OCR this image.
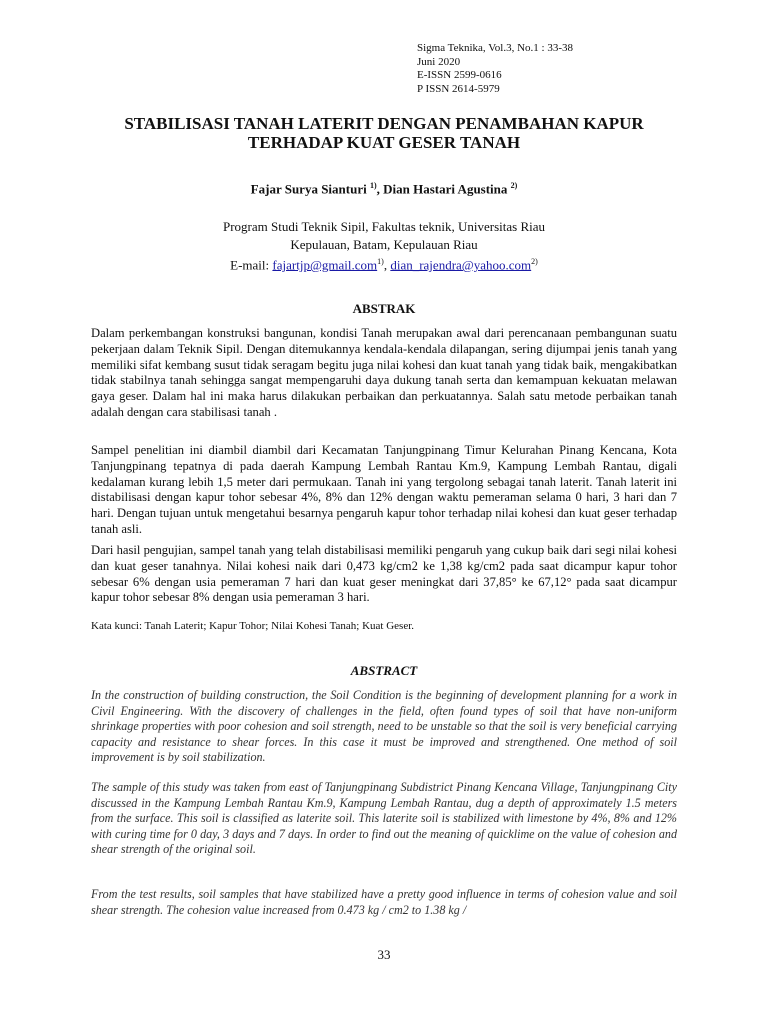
Sigma Teknika, Vol.3, No.1 : 33-38
Juni 2020
E-ISSN 2599-0616
P ISSN 2614-5979
STABILISASI TANAH LATERIT DENGAN PENAMBAHAN KAPUR
TERHADAP KUAT GESER TANAH
Fajar Surya Sianturi $^{1)}$, Dian Hastari Agustina $^{2)}$
Program Studi Teknik Sipil, Fakultas teknik, Universitas Riau
Kepulauan, Batam, Kepulauan Riau
E-mail: fajartjp@gmail.com$^{1)}$, dian_rajendra@yahoo.com$^{2)}$
ABSTRAK

Dalam perkembangan konstruksi bangunan, kondisi Tanah merupakan awal dari perencanaan pembangunan suatu pekerjaan dalam Teknik Sipil. Dengan ditemukannya kendala-kendala dilapangan, sering dijumpai jenis tanah yang memiliki sifat kembang susut tidak seragam begitu juga nilai kohesi dan kuat tanah yang tidak baik, mengakibatkan tidak stabilnya tanah sehingga sangat mempengaruhi daya dukung tanah serta dan kemampuan kekuatan melawan gaya geser. Dalam hal ini maka harus dilakukan perbaikan dan perkuatannya. Salah satu metode perbaikan tanah adalah dengan cara stabilisasi tanah .

Sampel penelitian ini diambil diambil dari Kecamatan Tanjungpinang Timur Kelurahan Pinang Kencana, Kota Tanjungpinang tepatnya di pada daerah Kampung Lembah Rantau Km.9, Kampung Lembah Rantau, digali kedalaman kurang lebih 1,5 meter dari permukaan. Tanah ini yang tergolong sebagai tanah laterit. Tanah laterit ini distabilisasi dengan kapur tohor sebesar 4%, 8% dan 12% dengan waktu pemeraman selama 0 hari, 3 hari dan 7 hari. Dengan tujuan untuk mengetahui besarnya pengaruh kapur tohor terhadap nilai kohesi dan kuat geser terhadap tanah asli.

Dari hasil pengujian, sampel tanah yang telah distabilisasi memiliki pengaruh yang cukup baik dari segi nilai kohesi dan kuat geser tanahnya. Nilai kohesi naik dari 0,473 kg/cm2 ke 1,38 kg/cm2 pada saat dicampur kapur tohor sebesar 6% dengan usia pemeraman 7 hari dan kuat geser meningkat dari 37,85° ke 67,12° pada saat dicampur kapur tohor sebesar 8% dengan usia pemeraman 3 hari.

Kata kunci: Tanah Laterit; Kapur Tohor; Nilai Kohesi Tanah; Kuat Geser.
ABSTRACT

In the construction of building construction, the Soil Condition is the beginning of development planning for a work in Civil Engineering. With the discovery of challenges in the field, often found types of soil that have non-uniform shrinkage properties with poor cohesion and soil strength, need to be unstable so that the soil is very beneficial carrying capacity and resistance to shear forces. In this case it must be improved and strengthened. One method of soil improvement is by soil stabilization.

The sample of this study was taken from east of Tanjungpinang Subdistrict Pinang Kencana Village, Tanjungpinang City discussed in the Kampung Lembah Rantau Km.9, Kampung Lembah Rantau, dug a depth of approximately 1.5 meters from the surface. This soil is classified as laterite soil. This laterite soil is stabilized with limestone by 4%, 8% and 12% with curing time for 0 day, 3 days and 7 days. In order to find out the meaning of quicklime on the value of cohesion and shear strength of the original soil.

From the test results, soil samples that have stabilized have a pretty good influence in terms of cohesion value and soil shear strength. The cohesion value increased from 0.473 kg / cm2 to 1.38 kg /

33
